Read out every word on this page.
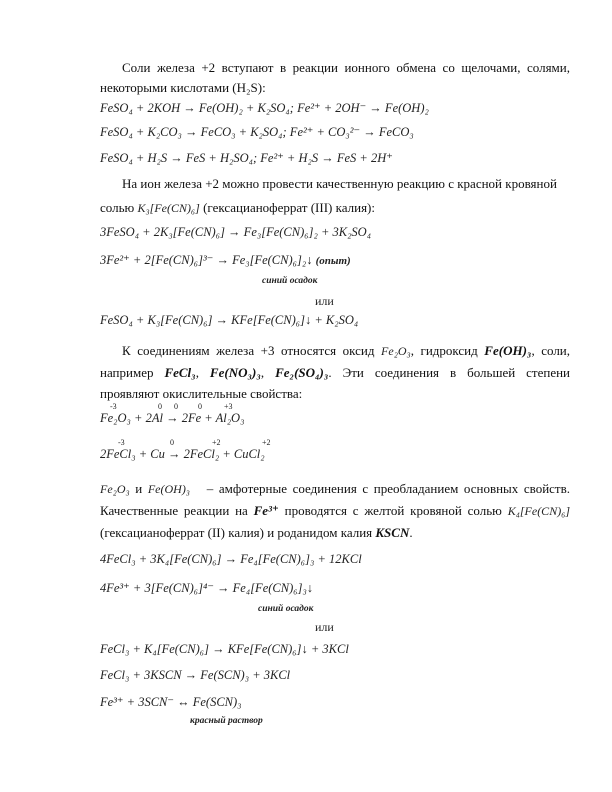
Соли железа +2 вступают в реакции ионного обмена со щелочами, солями, некоторыми кислотами (H₂S):

FeSO₄ + 2KOH → Fe(OH)₂ + K₂SO₄; Fe²⁺ + 2OH⁻ → Fe(OH)₂
FeSO₄ + K₂CO₃ → FeCO₃ + K₂SO₄; Fe²⁺ + CO₃²⁻ → FeCO₃
FeSO₄ + H₂S → FeS + H₂SO₄; Fe²⁺ + H₂S → FeS + 2H⁺

На ион железа +2 можно провести качественную реакцию с красной кровяной

солью K₃[Fe(CN)₆] (гексацианоферрат (III) калия):
3FeSO₄ + 2K₃[Fe(CN)₆] → Fe₃[Fe(CN)₆]₂ + 3K₂SO₄
3Fe²⁺ + 2[Fe(CN)₆]³⁻ → Fe₃[Fe(CN)₆]₂↓ (опыт)
синий осадок
или
FeSO₄ + K₃[Fe(CN)₆] → KFe[Fe(CN)₆]↓ + K₂SO₄
К соединениям железа +3 относятся оксид Fe₂O₃, гидроксид Fe(OH)₃, соли, например FeCl₃, Fe(NO₃)₃, Fe₂(SO₄)₃. Эти соединения в большей степени проявляют окислительные свойства:
-3	0 0	0	+3
Fe₂O₃ + 2Al → 2Fe + Al₂O₃
-3	0	+2	+2
2FeCl₃ + Cu → 2FeCl₂ + CuCl₂
Fe₂O₃ и Fe(OH)₃ – амфотерные соединения с преобладанием основных свойств. Качественные реакции на Fe³⁺ проводятся с желтой кровяной солью K₄[Fe(CN)₆] (гексацианоферрат (II) калия) и роданидом калия KSCN.
4FeCl₃ + 3K₄[Fe(CN)₆] → Fe₄[Fe(CN)₆]₃ + 12KCl
4Fe³⁺ + 3[Fe(CN)₆]⁴⁻ → Fe₄[Fe(CN)₆]₃↓
синий осадок
или
FeCl₃ + K₄[Fe(CN)₆] → KFe[Fe(CN)₆]↓ + 3KCl
FeCl₃ + 3KSCN → Fe(SCN)₃ + 3KCl
Fe³⁺ + 3SCN⁻ ↔ Fe(SCN)₃
красный раствор
